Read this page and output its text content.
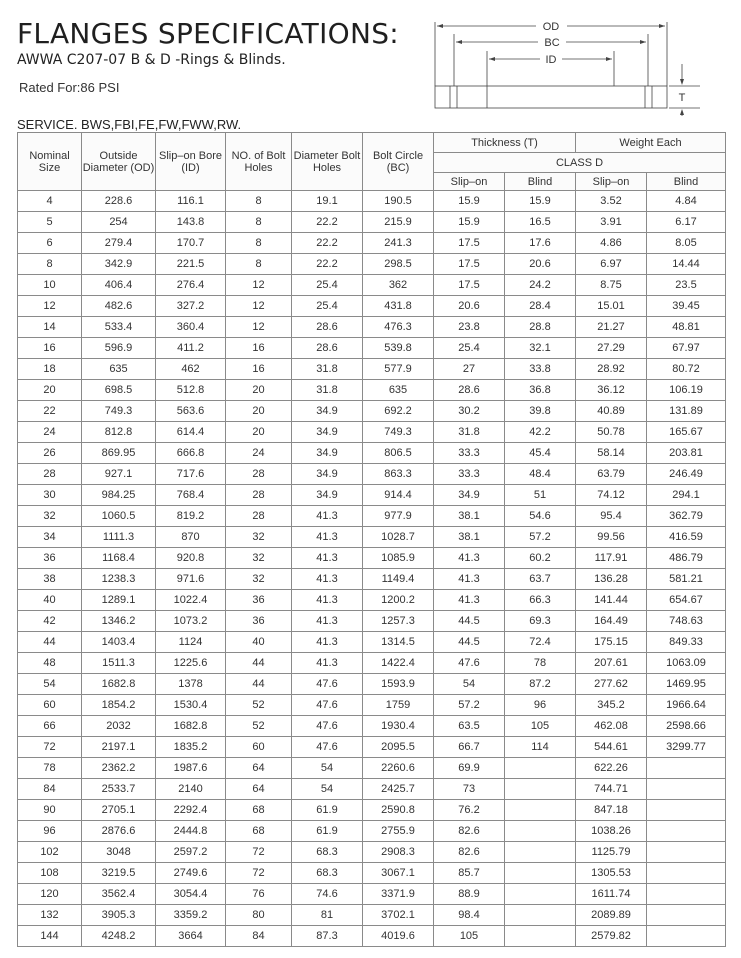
FLANGES SPECIFICATIONS:
AWWA C207-07 B & D -Rings & Blinds.
Rated For:86 PSI
SERVICE. BWS,FBI,FE,FW,FWW,RW.
OD
BC
ID
T
Nominal Size	Outside Diameter (OD)	Slip–on Bore (ID)	NO. of Bolt Holes	Diameter Bolt Holes	Bolt Circle (BC)	Thickness (T)		Weight Each	
						CLASS D			
						Slip–on	Blind	Slip–on	Blind
4	228.6	116.1	8	19.1	190.5	15.9	15.9	3.52	4.84
5	254	143.8	8	22.2	215.9	15.9	16.5	3.91	6.17
6	279.4	170.7	8	22.2	241.3	17.5	17.6	4.86	8.05
8	342.9	221.5	8	22.2	298.5	17.5	20.6	6.97	14.44
10	406.4	276.4	12	25.4	362	17.5	24.2	8.75	23.5
12	482.6	327.2	12	25.4	431.8	20.6	28.4	15.01	39.45
14	533.4	360.4	12	28.6	476.3	23.8	28.8	21.27	48.81
16	596.9	411.2	16	28.6	539.8	25.4	32.1	27.29	67.97
18	635	462	16	31.8	577.9	27	33.8	28.92	80.72
20	698.5	512.8	20	31.8	635	28.6	36.8	36.12	106.19
22	749.3	563.6	20	34.9	692.2	30.2	39.8	40.89	131.89
24	812.8	614.4	20	34.9	749.3	31.8	42.2	50.78	165.67
26	869.95	666.8	24	34.9	806.5	33.3	45.4	58.14	203.81
28	927.1	717.6	28	34.9	863.3	33.3	48.4	63.79	246.49
30	984.25	768.4	28	34.9	914.4	34.9	51	74.12	294.1
32	1060.5	819.2	28	41.3	977.9	38.1	54.6	95.4	362.79
34	1111.3	870	32	41.3	1028.7	38.1	57.2	99.56	416.59
36	1168.4	920.8	32	41.3	1085.9	41.3	60.2	117.91	486.79
38	1238.3	971.6	32	41.3	1149.4	41.3	63.7	136.28	581.21
40	1289.1	1022.4	36	41.3	1200.2	41.3	66.3	141.44	654.67
42	1346.2	1073.2	36	41.3	1257.3	44.5	69.3	164.49	748.63
44	1403.4	1124	40	41.3	1314.5	44.5	72.4	175.15	849.33
48	1511.3	1225.6	44	41.3	1422.4	47.6	78	207.61	1063.09
54	1682.8	1378	44	47.6	1593.9	54	87.2	277.62	1469.95
60	1854.2	1530.4	52	47.6	1759	57.2	96	345.2	1966.64
66	2032	1682.8	52	47.6	1930.4	63.5	105	462.08	2598.66
72	2197.1	1835.2	60	47.6	2095.5	66.7	114	544.61	3299.77
78	2362.2	1987.6	64	54	2260.6	69.9		622.26	
84	2533.7	2140	64	54	2425.7	73		744.71	
90	2705.1	2292.4	68	61.9	2590.8	76.2		847.18	
96	2876.6	2444.8	68	61.9	2755.9	82.6		1038.26	
102	3048	2597.2	72	68.3	2908.3	82.6		1125.79	
108	3219.5	2749.6	72	68.3	3067.1	85.7		1305.53	
120	3562.4	3054.4	76	74.6	3371.9	88.9		1611.74	
132	3905.3	3359.2	80	81	3702.1	98.4		2089.89	
144	4248.2	3664	84	87.3	4019.6	105		2579.82	
